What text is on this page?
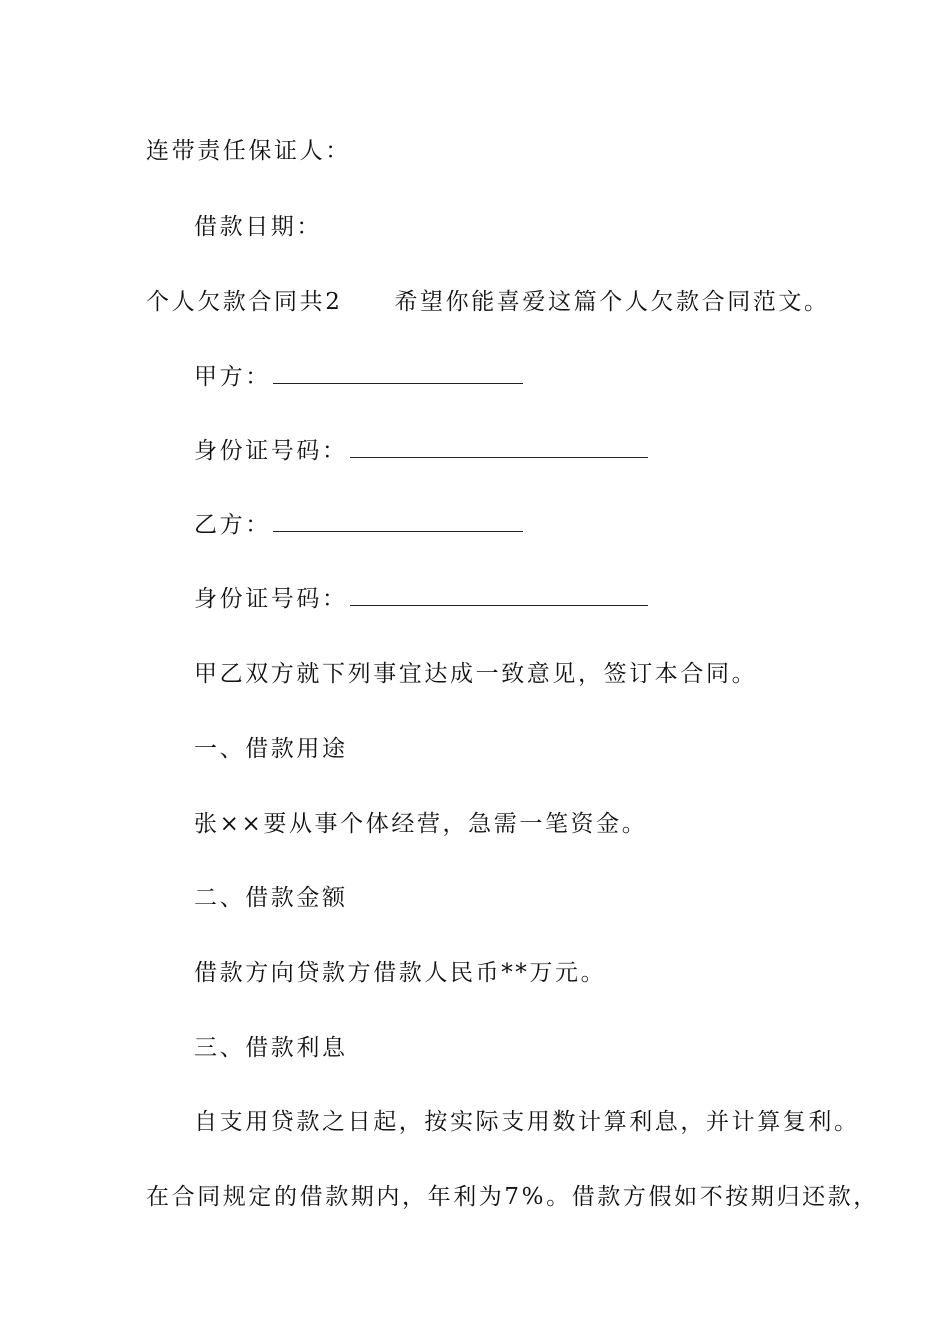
连带责任保证人：
借款日期：
个人欠款合同共2 希望你能喜爱这篇个人欠款合同范文。
甲方：
身份证号码：
乙方：
身份证号码：
甲乙双方就下列事宜达成一致意见，签订本合同。
一、借款用途
张××要从事个体经营，急需一笔资金。
二、借款金额
借款方向贷款方借款人民币**万元。
三、借款利息
自支用贷款之日起，按实际支用数计算利息，并计算复利。
在合同规定的借款期内，年利为7%。借款方假如不按期归还款，
